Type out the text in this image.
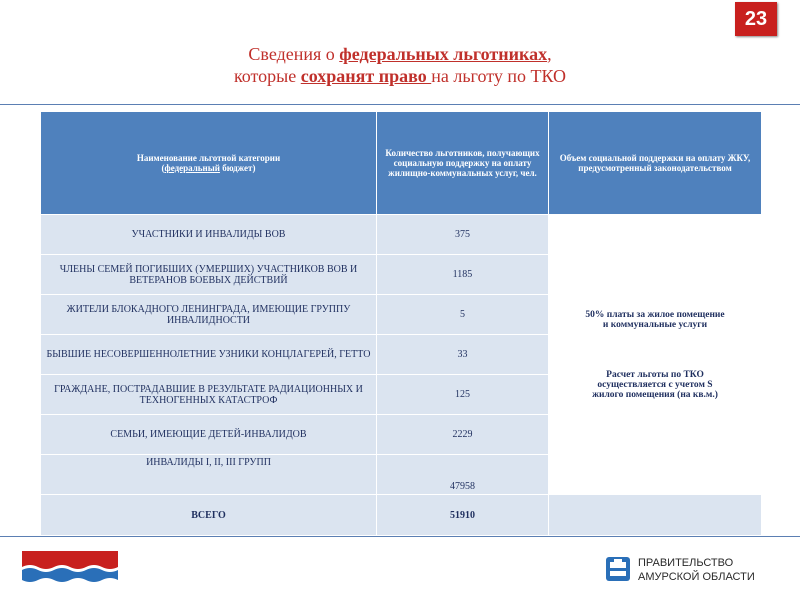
23
Сведения о федеральных льготниках,
которые сохранят право на льготу по ТКО
Наименование льготной категории
(федеральный бюджет)	Количество льготников, получающих социальную поддержку на оплату жилищно-коммунальных услуг, чел.	Объем социальной поддержки на оплату ЖКУ, предусмотренный законодательством
УЧАСТНИКИ И ИНВАЛИДЫ ВОВ	375	50% платы за жилое помещение и коммунальные услуги

Расчет льготы по ТКО осуществляется с учетом S жилого помещения (на кв.м.)

ЧЛЕНЫ СЕМЕЙ ПОГИБШИХ (УМЕРШИХ) УЧАСТНИКОВ ВОВ И ВЕТЕРАНОВ БОЕВЫХ ДЕЙСТВИЙ	1185	
ЖИТЕЛИ БЛОКАДНОГО ЛЕНИНГРАДА, ИМЕЮЩИЕ ГРУППУ ИНВАЛИДНОСТИ	5	
БЫВШИЕ НЕСОВЕРШЕННОЛЕТНИЕ УЗНИКИ КОНЦЛАГЕРЕЙ, ГЕТТО	33	
ГРАЖДАНЕ, ПОСТРАДАВШИЕ В РЕЗУЛЬТАТЕ РАДИАЦИОННЫХ И ТЕХНОГЕННЫХ КАТАСТРОФ	125	
СЕМЬИ, ИМЕЮЩИЕ ДЕТЕЙ-ИНВАЛИДОВ	2229	
ИНВАЛИДЫ I, II, III ГРУПП	47958	
ВСЕГО	51910	
ПРАВИТЕЛЬСТВО
АМУРСКОЙ ОБЛАСТИ
